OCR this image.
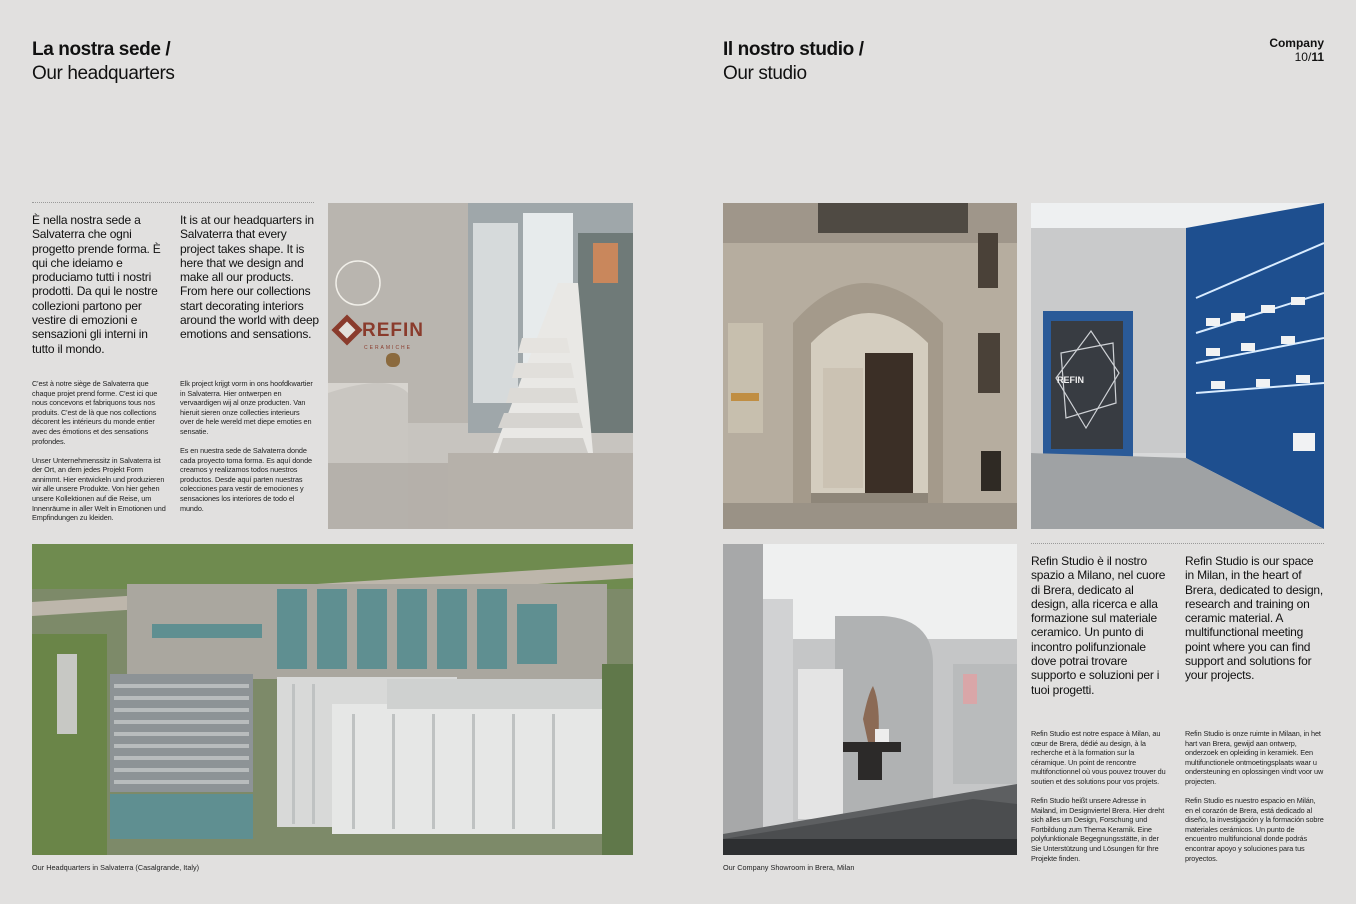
La nostra sede /
Our headquarters
È nella nostra sede a Salvaterra che ogni progetto prende forma. È qui che ideiamo e produciamo tutti i nostri prodotti. Da qui le nostre collezioni partono per vestire di emozioni e sensazioni gli interni in tutto il mondo.
It is at our headquarters in Salvaterra that every project takes shape. It is here that we design and make all our products. From here our collections start decorating interiors around the world with deep emotions and sensations.

C'est à notre siège de Salvaterra que chaque projet prend forme. C'est ici que nous concevons et fabriquons tous nos produits. C'est de là que nos collections décorent les intérieurs du monde entier avec des émotions et des sensations profondes.

Unser Unternehmenssitz in Salvaterra ist der Ort, an dem jedes Projekt Form annimmt. Hier entwickeln und produzieren wir alle unsere Produkte. Von hier gehen unsere Kollektionen auf die Reise, um Innenräume in aller Welt in Emotionen und Empfindungen zu kleiden.

Elk project krijgt vorm in ons hoofdkwartier in Salvaterra. Hier ontwerpen en vervaardigen wij al onze producten. Van hieruit sieren onze collecties interieurs over de hele wereld met diepe emoties en sensatie.

Es en nuestra sede de Salvaterra donde cada proyecto toma forma. Es aquí donde creamos y realizamos todos nuestros productos. Desde aquí parten nuestras colecciones para vestir de emociones y sensaciones los interiores de todo el mundo.

REFIN
CERAMICHE
Our Headquarters in Salvaterra (Casalgrande, Italy)
Il nostro studio /
Our studio
Company
10/11
REFIN
Our Company Showroom in Brera, Milan
Refin Studio è il nostro spazio a Milano, nel cuore di Brera, dedicato al design, alla ricerca e alla formazione sul materiale ceramico. Un punto di incontro polifunzionale dove potrai trovare supporto e soluzioni per i tuoi progetti.
Refin Studio is our space in Milan, in the heart of Brera, dedicated to design, research and training on ceramic material. A multifunctional meeting point where you can find support and solutions for your projects.

Refin Studio est notre espace à Milan, au cœur de Brera, dédié au design, à la recherche et à la formation sur la céramique. Un point de rencontre multifonctionnel où vous pouvez trouver du soutien et des solutions pour vos projets.

Refin Studio heißt unsere Adresse in Mailand, im Designviertel Brera. Hier dreht sich alles um Design, Forschung und Fortbildung zum Thema Keramik. Eine polyfunktionale Begegnungsstätte, in der Sie Unterstützung und Lösungen für Ihre Projekte finden.

Refin Studio is onze ruimte in Milaan, in het hart van Brera, gewijd aan ontwerp, onderzoek en opleiding in keramiek. Een multifunctionele ontmoetingsplaats waar u ondersteuning en oplossingen vindt voor uw projecten.

Refin Studio es nuestro espacio en Milán, en el corazón de Brera, está dedicado al diseño, la investigación y la formación sobre materiales cerámicos. Un punto de encuentro multifuncional donde podrás encontrar apoyo y soluciones para tus proyectos.
